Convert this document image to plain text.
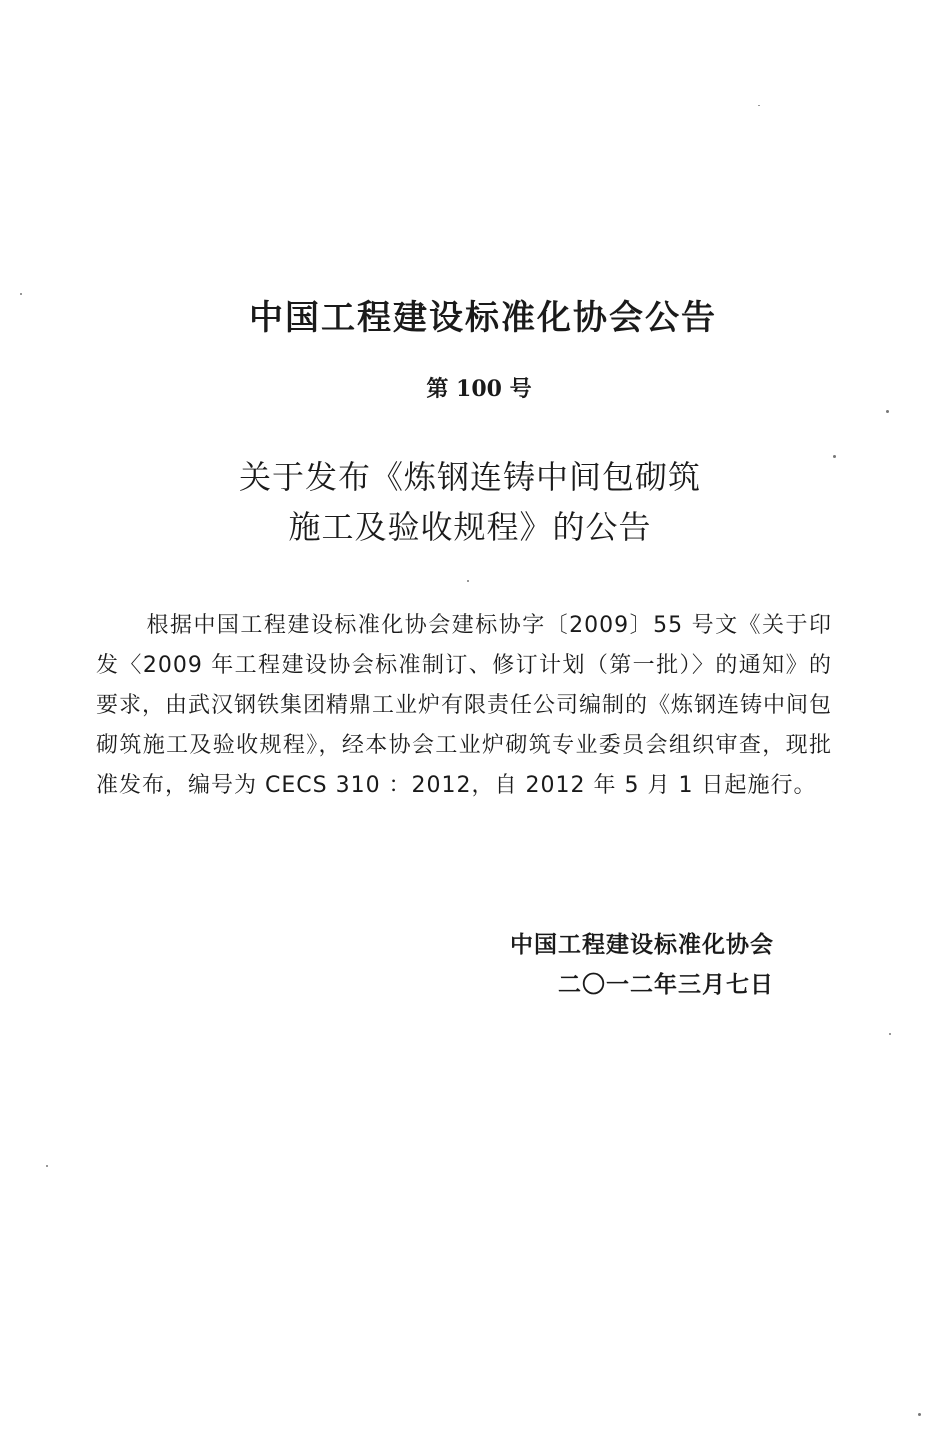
中国工程建设标准化协会公告
第 100 号
关于发布《炼钢连铸中间包砌筑
施工及验收规程》的公告
根据中国工程建设标准化协会建标协字〔2009〕55 号文《关于印发〈2009 年工程建设协会标准制订、修订计划（第一批）〉的通知》的要求，由武汉钢铁集团精鼎工业炉有限责任公司编制的《炼钢连铸中间包砌筑施工及验收规程》，经本协会工业炉砌筑专业委员会组织审查，现批准发布，编号为 CECS 310 ：2012，自 2012 年 5 月 1 日起施行。
中国工程建设标准化协会
二〇一二年三月七日
